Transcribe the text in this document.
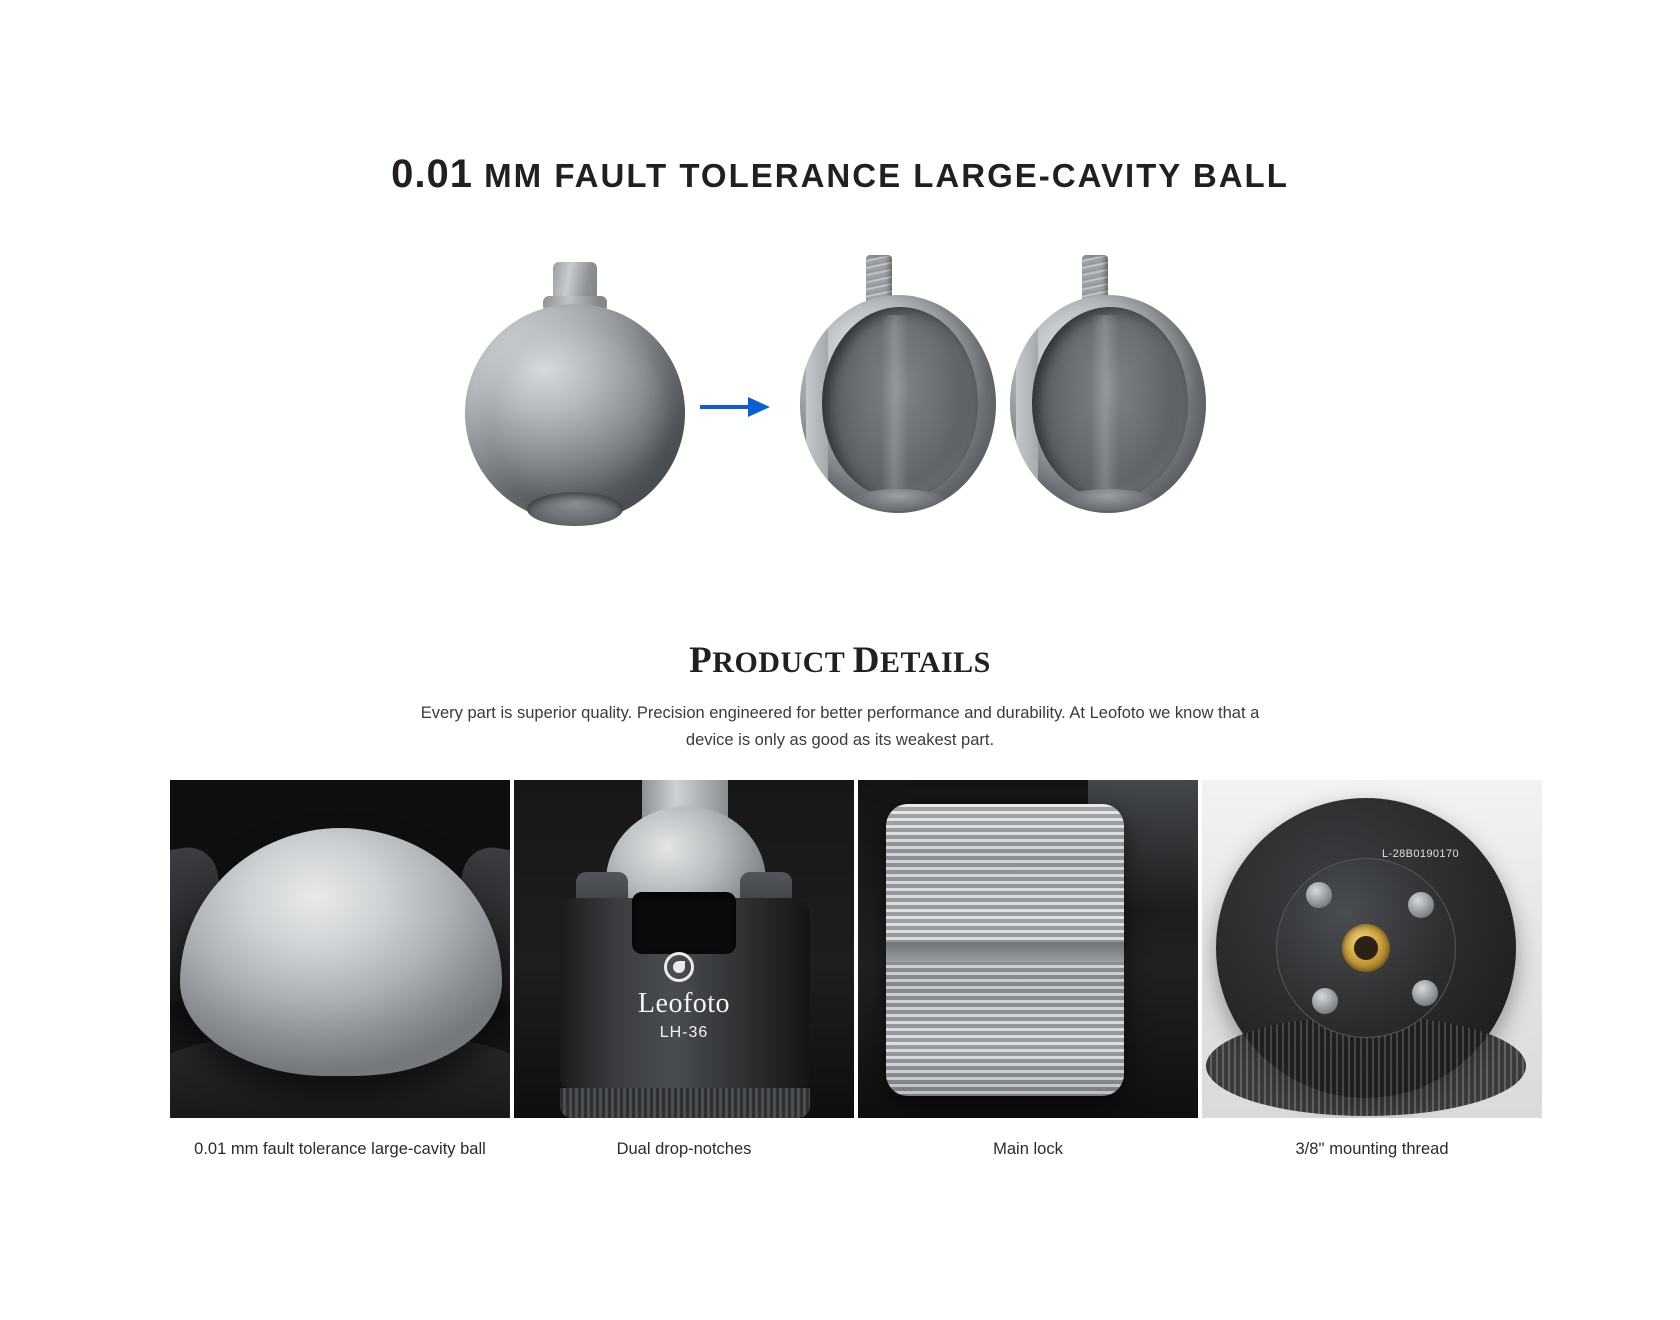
0.01 MM FAULT TOLERANCE LARGE-CAVITY BALL
PRODUCT DETAILS

Every part is superior quality. Precision engineered for better performance and durability. At Leofoto we know that a device is only as good as its weakest part.

0.01 mm fault tolerance large-cavity ball
Leofoto
LH-36
Dual drop-notches	Main lock
L-28B0190170
3/8'' mounting thread
